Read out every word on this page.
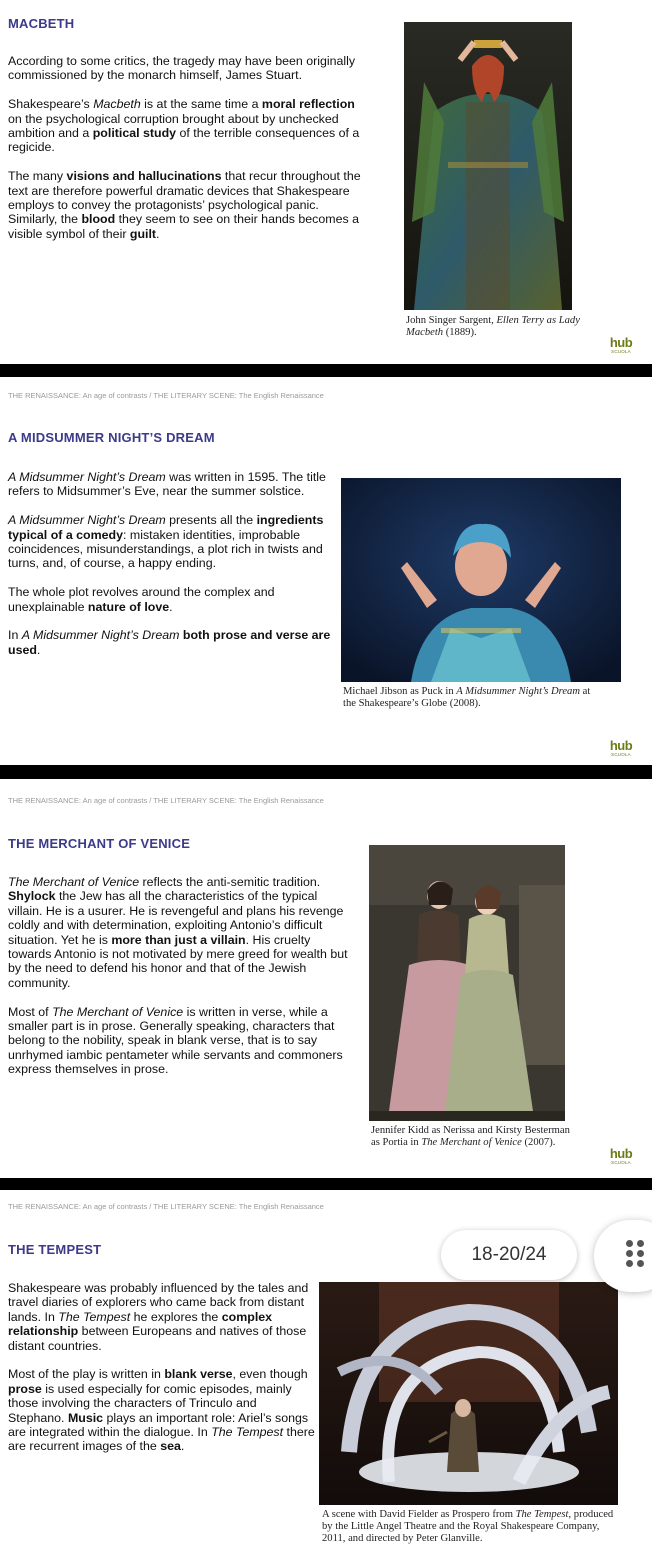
MACBETH

According to some critics, the tragedy may have been originally commissioned by the monarch himself, James Stuart.

Shakespeare’s Macbeth is at the same time a moral reflection on the psychological corruption brought about by unchecked ambition and a political study of the terrible consequences of a regicide.

The many visions and hallucinations that recur throughout the text are therefore powerful dramatic devices that Shakespeare employs to convey the protagonists’ psychological panic. Similarly, the blood they seem to see on their hands becomes a visible symbol of their guilt.

John Singer Sargent, Ellen Terry as Lady Macbeth (1889).
hub
SCUOLA
THE RENAISSANCE: An age of contrasts / THE LITERARY SCENE: The English Renaissance
A MIDSUMMER NIGHT’S DREAM

A Midsummer Night’s Dream was written in 1595. The title refers to Midsummer’s Eve, near the summer solstice.

A Midsummer Night’s Dream presents all the ingredients typical of a comedy: mistaken identities, improbable coincidences, misunderstandings, a plot rich in twists and turns, and, of course, a happy ending.

The whole plot revolves around the complex and unexplainable nature of love.

In A Midsummer Night’s Dream both prose and verse are used.

Michael Jibson as Puck in A Midsummer Night’s Dream at the Shakespeare’s Globe (2008).
hub
SCUOLA
THE RENAISSANCE: An age of contrasts / THE LITERARY SCENE: The English Renaissance
THE MERCHANT OF VENICE

The Merchant of Venice reflects the anti-semitic tradition. Shylock the Jew has all the characteristics of the typical villain. He is a usurer. He is revengeful and plans his revenge coldly and with determination, exploiting Antonio’s difficult situation. Yet he is more than just a villain. His cruelty towards Antonio is not motivated by mere greed for wealth but by the need to defend his honor and that of the Jewish community.

Most of The Merchant of Venice is written in verse, while a smaller part is in prose. Generally speaking, characters that belong to the nobility, speak in blank verse, that is to say unrhymed iambic pentameter while servants and commoners express themselves in prose.

Jennifer Kidd as Nerissa and Kirsty Besterman as Portia in The Merchant of Venice (2007).
hub
SCUOLA
THE RENAISSANCE: An age of contrasts / THE LITERARY SCENE: The English Renaissance
THE TEMPEST

Shakespeare was probably influenced by the tales and travel diaries of explorers who came back from distant lands. In The Tempest he explores the complex relationship between Europeans and natives of those distant countries.

Most of the play is written in blank verse, even though prose is used especially for comic episodes, mainly those involving the characters of Trinculo and Stephano. Music plays an important role: Ariel’s songs are integrated within the dialogue. In The Tempest there are recurrent images of the sea.

A scene with David Fielder as Prospero from The Tempest, produced by the Little Angel Theatre and the Royal Shakespeare Company, 2011, and directed by Peter Glanville.
18-20/24
